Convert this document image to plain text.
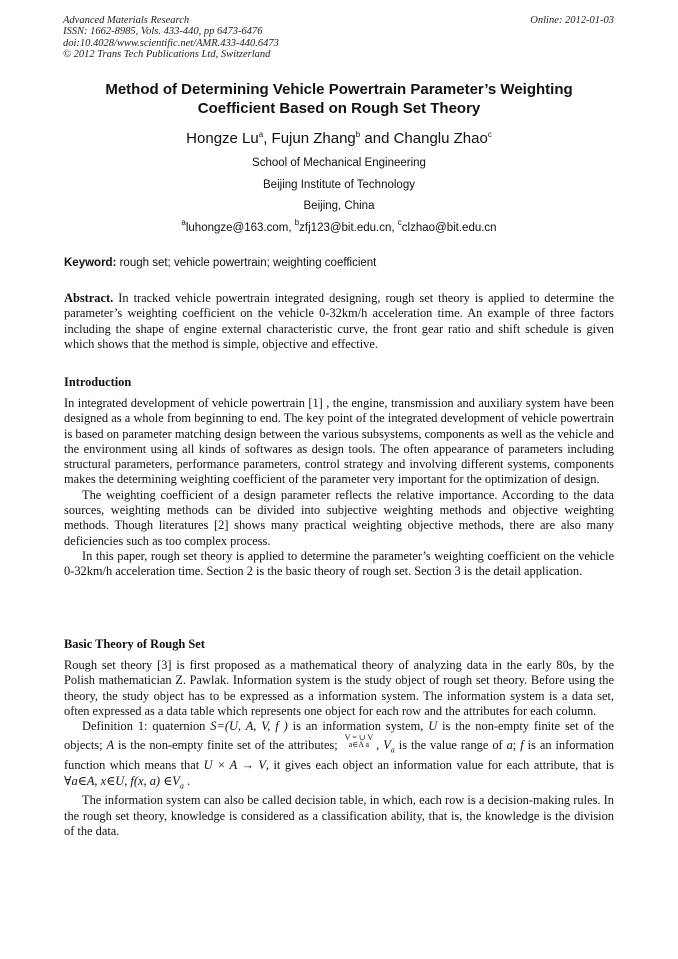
Advanced Materials Research
ISSN: 1662-8985, Vols. 433-440, pp 6473-6476
doi:10.4028/www.scientific.net/AMR.433-440.6473
© 2012 Trans Tech Publications Ltd, Switzerland
Online: 2012-01-03
Method of Determining Vehicle Powertrain Parameter’s Weighting
Coefficient Based on Rough Set Theory
Hongze Lu$^a$, Fujun Zhang$^b$ and Changlu Zhao$^c$
School of Mechanical Engineering
Beijing Institute of Technology
Beijing, China
$^a$luhongze@163.com, $^b$zfj123@bit.edu.cn, $^c$clzhao@bit.edu.cn
Keyword: rough set; vehicle powertrain; weighting coefficient

Abstract. In tracked vehicle powertrain integrated designing, rough set theory is applied to determine the parameter’s weighting coefficient on the vehicle 0-32km/h acceleration time. An example of three factors including the shape of engine external characteristic curve, the front gear ratio and shift schedule is given which shows that the method is simple, objective and effective.

Introduction

In integrated development of vehicle powertrain [1] , the engine, transmission and auxiliary system have been designed as a whole from beginning to end. The key point of the integrated development of vehicle powertrain is based on parameter matching design between the various subsystems, components as well as the vehicle and the environment using all kinds of softwares as design tools. The often appearance of parameters including structural parameters, performance parameters, control strategy and involving different systems, components makes the determining weighting coefficient of the parameter very important for the optimization of design.

The weighting coefficient of a design parameter reflects the relative importance. According to the data sources, weighting methods can be divided into subjective weighting methods and objective weighting methods. Though literatures [2] shows many practical weighting objective methods, there are also many deficiencies such as too complex process.

In this paper, rough set theory is applied to determine the parameter’s weighting coefficient on the vehicle 0-32km/h acceleration time. Section 2 is the basic theory of rough set. Section 3 is the detail application.

Basic Theory of Rough Set

Rough set theory [3] is first proposed as a mathematical theory of analyzing data in the early 80s, by the Polish mathematician Z. Pawlak. Information system is the study object of rough set theory. Before using the theory, the study object has to be expressed as a information system. The information system is a data set, often expressed as a data table which represents one object for each row and the attributes for each column.

Definition 1: quaternion S=(U, A, V, f ) is an information system, U is the non-empty finite set of the objects; A is the non-empty finite set of the attributes;
V = ∪ V
a∈A a , $V_a$ is the value range of a; f is an information function which means that U × A → V, it gives each object an information value for each attribute, that is ∀a∈A, x∈U, f(x, a) $\in V_a$ .

The information system can also be called decision table, in which, each row is a decision-making rules. In the rough set theory, knowledge is considered as a classification ability, that is, the knowledge is the division of the data.
